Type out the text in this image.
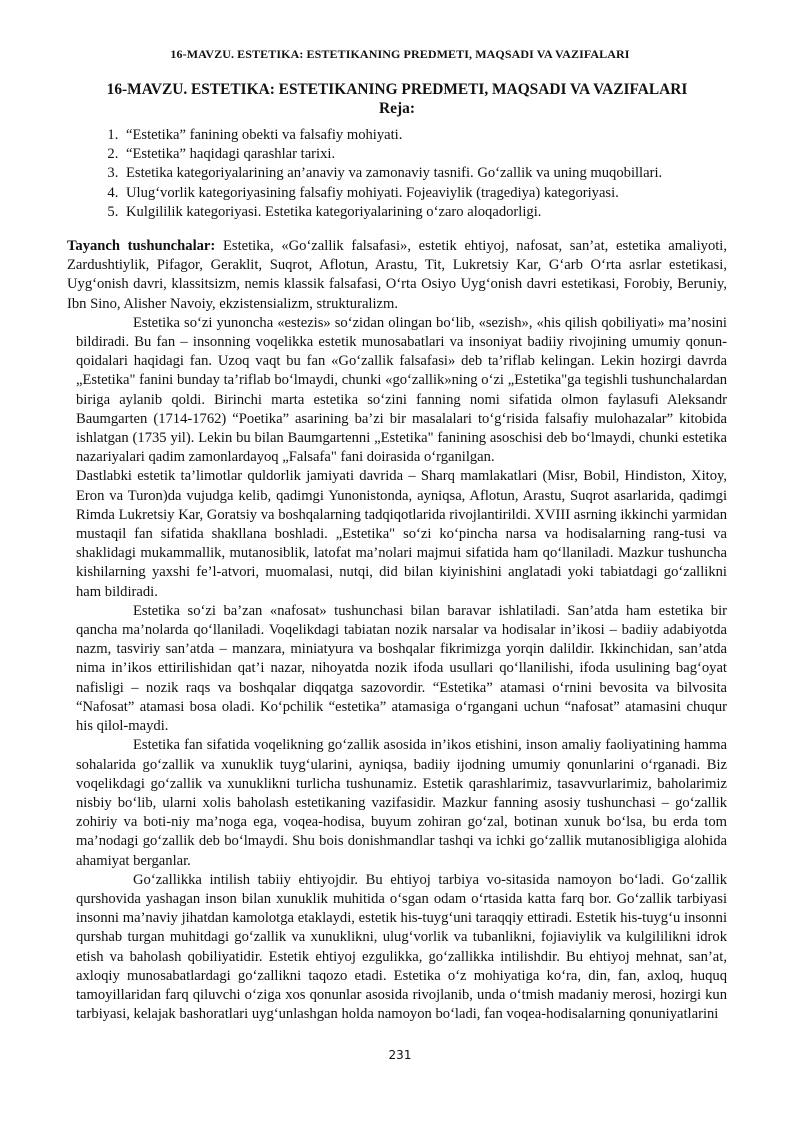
16-MAVZU. ESTETIKA: ESTETIKANING PREDMETI, MAQSADI VA VAZIFALARI

16-MAVZU. ESTETIKA: ESTETIKANING PREDMETI, MAQSADI VA VAZIFALARI

Reja:

1. “Estetika” fanining obekti va falsafiy mohiyati.
2. “Estetika” haqidagi qarashlar tarixi.
3. Estetika kategoriyalarining an’anaviy va zamonaviy tasnifi. Go‘zallik va uning muqobillari.
4. Ulug‘vorlik kategoriyasining falsafiy mohiyati. Fojeaviylik (tragediya) kategoriyasi.
5. Kulgililik kategoriyasi. Estetika kategoriyalarining o‘zaro aloqadorligi.

Tayanch tushunchalar: Estetika, «Go‘zallik falsafasi», estetik ehtiyoj, nafosat, san’at, estetika amaliyoti, Zardushtiylik, Pifagor, Geraklit, Suqrot, Aflotun, Arastu, Tit, Lukretsiy Kar, G‘arb O‘rta asrlar estetikasi, Uyg‘onish davri, klassitsizm, nemis klassik falsafasi, O‘rta Osiyo Uyg‘onish davri estetikasi, Forobiy, Beruniy, Ibn Sino, Alisher Navoiy, ekzistensializm, strukturalizm.

Estetika so‘zi yunoncha «estezis» so‘zidan olingan bo‘lib, «sezish», «his qilish qobiliyati» ma’nosini bildiradi. Bu fan – insonning voqelikka estetik munosabatlari va insoniyat badiiy rivojining umumiy qonun-qoidalari haqidagi fan. Uzoq vaqt bu fan «Go‘zallik falsafasi» deb ta’riflab kelingan. Lekin hozirgi davrda „Estetika" fanini bunday ta’riflab bo‘lmaydi, chunki «go‘zallik»ning o‘zi „Estetika"ga tegishli tushunchalardan biriga aylanib qoldi. Birinchi marta estetika so‘zini fanning nomi sifatida olmon faylasufi Aleksandr Baumgarten (1714-1762) “Poetika” asarining ba’zi bir masalalari to‘g‘risida falsafiy mulohazalar” kitobida ishlatgan (1735 yil). Lekin bu bilan Baumgartenni „Estetika" fanining asoschisi deb bo‘lmaydi, chunki estetika nazariyalari qadim zamonlardayoq „Falsafa" fani doirasida o‘rganilgan.

Dastlabki estetik ta’limotlar quldorlik jamiyati davrida – Sharq mamlakatlari (Misr, Bobil, Hindiston, Xitoy, Eron va Turon)da vujudga kelib, qadimgi Yunonistonda, ayniqsa, Aflotun, Arastu, Suqrot asarlarida, qadimgi Rimda Lukretsiy Kar, Goratsiy va boshqalarning tadqiqotlarida rivojlantirildi. XVIII asrning ikkinchi yarmidan mustaqil fan sifatida shakllana boshladi. „Estetika" so‘zi ko‘pincha narsa va hodisalarning rang-tusi va shaklidagi mukammallik, mutanosiblik, latofat ma’nolari majmui sifatida ham qo‘llaniladi. Mazkur tushuncha kishilarning yaxshi fe’l-atvori, muomalasi, nutqi, did bilan kiyinishini anglatadi yoki tabiatdagi go‘zallikni ham bildiradi.

Estetika so‘zi ba’zan «nafosat» tushunchasi bilan baravar ishlatiladi. San’atda ham estetika bir qancha ma’nolarda qo‘llaniladi. Voqelikdagi tabiatan nozik narsalar va hodisalar in’ikosi – badiiy adabiyotda nazm, tasviriy san’atda – manzara, miniatyura va boshqalar fikrimizga yorqin dalildir. Ikkinchidan, san’atda nima in’ikos ettirilishidan qat’i nazar, nihoyatda nozik ifoda usullari qo‘llanilishi, ifoda usulining bag‘oyat nafisligi – nozik raqs va boshqalar diqqatga sazovordir. “Estetika” atamasi o‘rnini bevosita va bilvosita “Nafosat” atamasi bosa oladi. Ko‘pchilik “estetika” atamasiga o‘rgangani uchun “nafosat” atamasini chuqur his qilol-maydi.

Estetika fan sifatida voqelikning go‘zallik asosida in’ikos etishini, inson amaliy faoliyatining hamma sohalarida go‘zallik va xunuklik tuyg‘ularini, ayniqsa, badiiy ijodning umumiy qonunlarini o‘rganadi. Biz voqelikdagi go‘zallik va xunuklikni turlicha tushunamiz. Estetik qarashlarimiz, tasavvurlarimiz, baholarimiz nisbiy bo‘lib, ularni xolis baholash estetikaning vazifasidir. Mazkur fanning asosiy tushunchasi – go‘zallik zohiriy va boti-niy ma’noga ega, voqea-hodisa, buyum zohiran go‘zal, botinan xunuk bo‘lsa, bu erda tom ma’nodagi go‘zallik deb bo‘lmaydi. Shu bois donishmandlar tashqi va ichki go‘zallik mutanosibligiga alohida ahamiyat berganlar.

Go‘zallikka intilish tabiiy ehtiyojdir. Bu ehtiyoj tarbiya vo-sitasida namoyon bo‘ladi. Go‘zallik qurshovida yashagan inson bilan xunuklik muhitida o‘sgan odam o‘rtasida katta farq bor. Go‘zallik tarbiyasi insonni ma’naviy jihatdan kamolotga etaklaydi, estetik his-tuyg‘uni taraqqiy ettiradi. Estetik his-tuyg‘u insonni qurshab turgan muhitdagi go‘zallik va xunuklikni, ulug‘vorlik va tubanlikni, fojiaviylik va kulgililikni idrok etish va baholash qobiliyatidir. Estetik ehtiyoj ezgulikka, go‘zallikka intilishdir. Bu ehtiyoj mehnat, san’at, axloqiy munosabatlardagi go‘zallikni taqozo etadi. Estetika o‘z mohiyatiga ko‘ra, din, fan, axloq, huquq tamoyillaridan farq qiluvchi o‘ziga xos qonunlar asosida rivojlanib, unda o‘tmish madaniy merosi, hozirgi kun tarbiyasi, kelajak bashoratlari uyg‘unlashgan holda namoyon bo‘ladi, fan voqea-hodisalarning qonuniyatlarini

231
